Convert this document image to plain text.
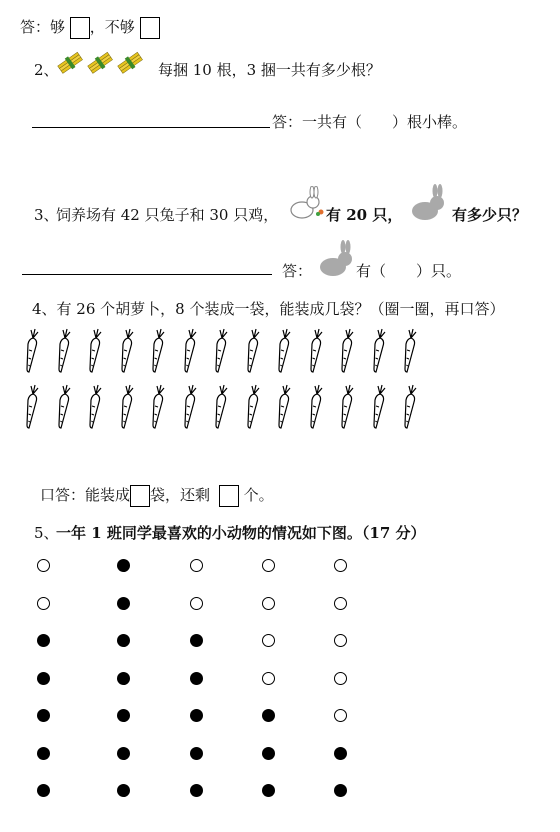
答：够 ，不够
2、	每捆 10 根，3 捆一共有多少根？
答：一共有（　　）根小棒。
3、
饲养场有 42 只兔子和 30 只鸡，	有 20 只，	有多少只？
答：	有（　　）只。
4、有 26 个胡萝卜，8 个装成一袋，能装成几袋？（圈一圈，再口答）
口答：能装成 袋，还剩 个。
5、
一年 1 班同学最喜欢的小动物的情况如下图。（17 分）
